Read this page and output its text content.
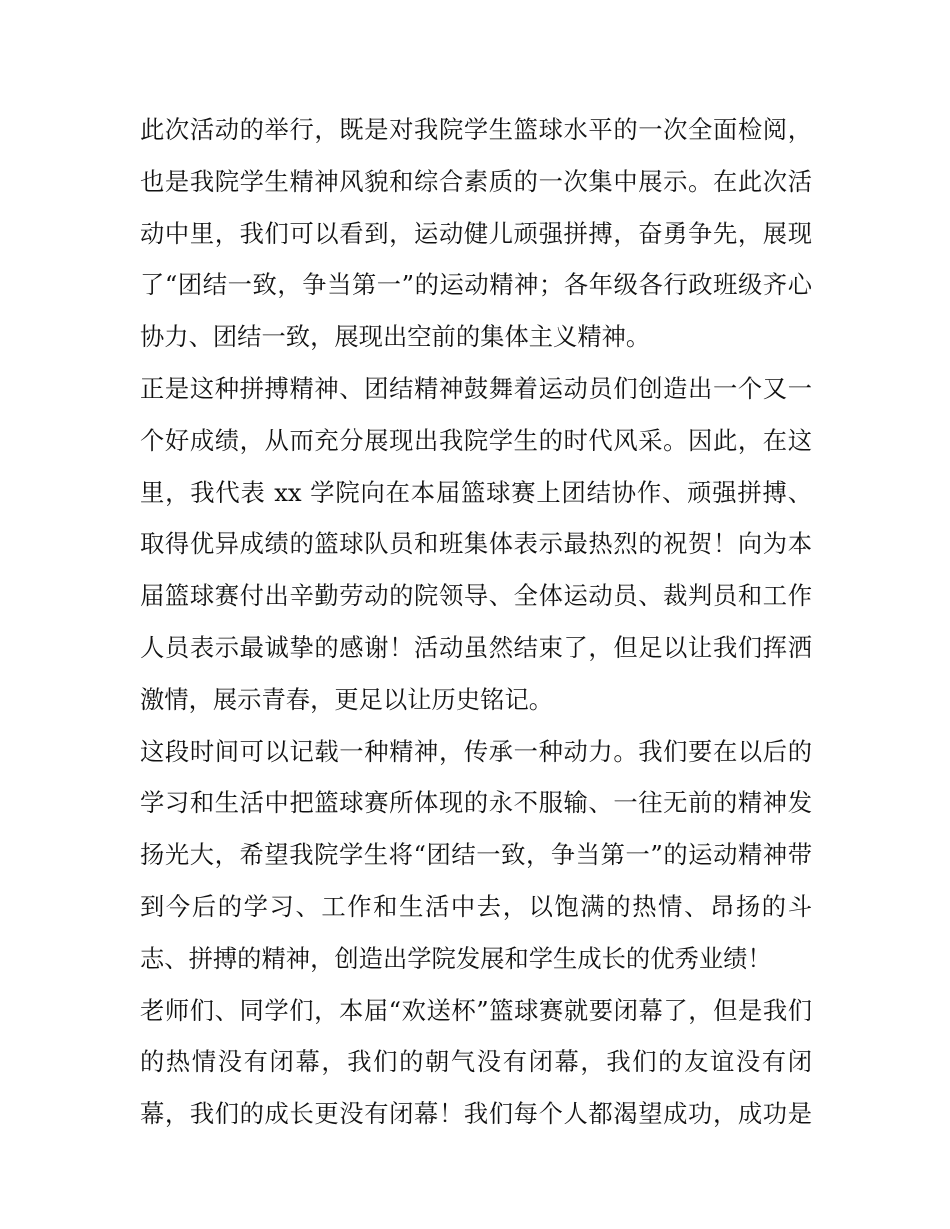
此次活动的举行，既是对我院学生篮球水平的一次全面检阅，
也是我院学生精神风貌和综合素质的一次集中展示。在此次活
动中里，我们可以看到，运动健儿顽强拼搏，奋勇争先，展现
了“团结一致，争当第一”的运动精神；各年级各行政班级齐心
协力、团结一致，展现出空前的集体主义精神。
正是这种拼搏精神、团结精神鼓舞着运动员们创造出一个又一
个好成绩，从而充分展现出我院学生的时代风采。因此，在这
里，我代表 xx 学院向在本届篮球赛上团结协作、顽强拼搏、
取得优异成绩的篮球队员和班集体表示最热烈的祝贺！向为本
届篮球赛付出辛勤劳动的院领导、全体运动员、裁判员和工作
人员表示最诚挚的感谢！活动虽然结束了，但足以让我们挥洒
激情，展示青春，更足以让历史铭记。
这段时间可以记载一种精神，传承一种动力。我们要在以后的
学习和生活中把篮球赛所体现的永不服输、一往无前的精神发
扬光大，希望我院学生将“团结一致，争当第一”的运动精神带
到今后的学习、工作和生活中去，以饱满的热情、昂扬的斗
志、拼搏的精神，创造出学院发展和学生成长的优秀业绩！
老师们、同学们，本届“欢送杯”篮球赛就要闭幕了，但是我们
的热情没有闭幕，我们的朝气没有闭幕，我们的友谊没有闭
幕，我们的成长更没有闭幕！我们每个人都渴望成功，成功是
